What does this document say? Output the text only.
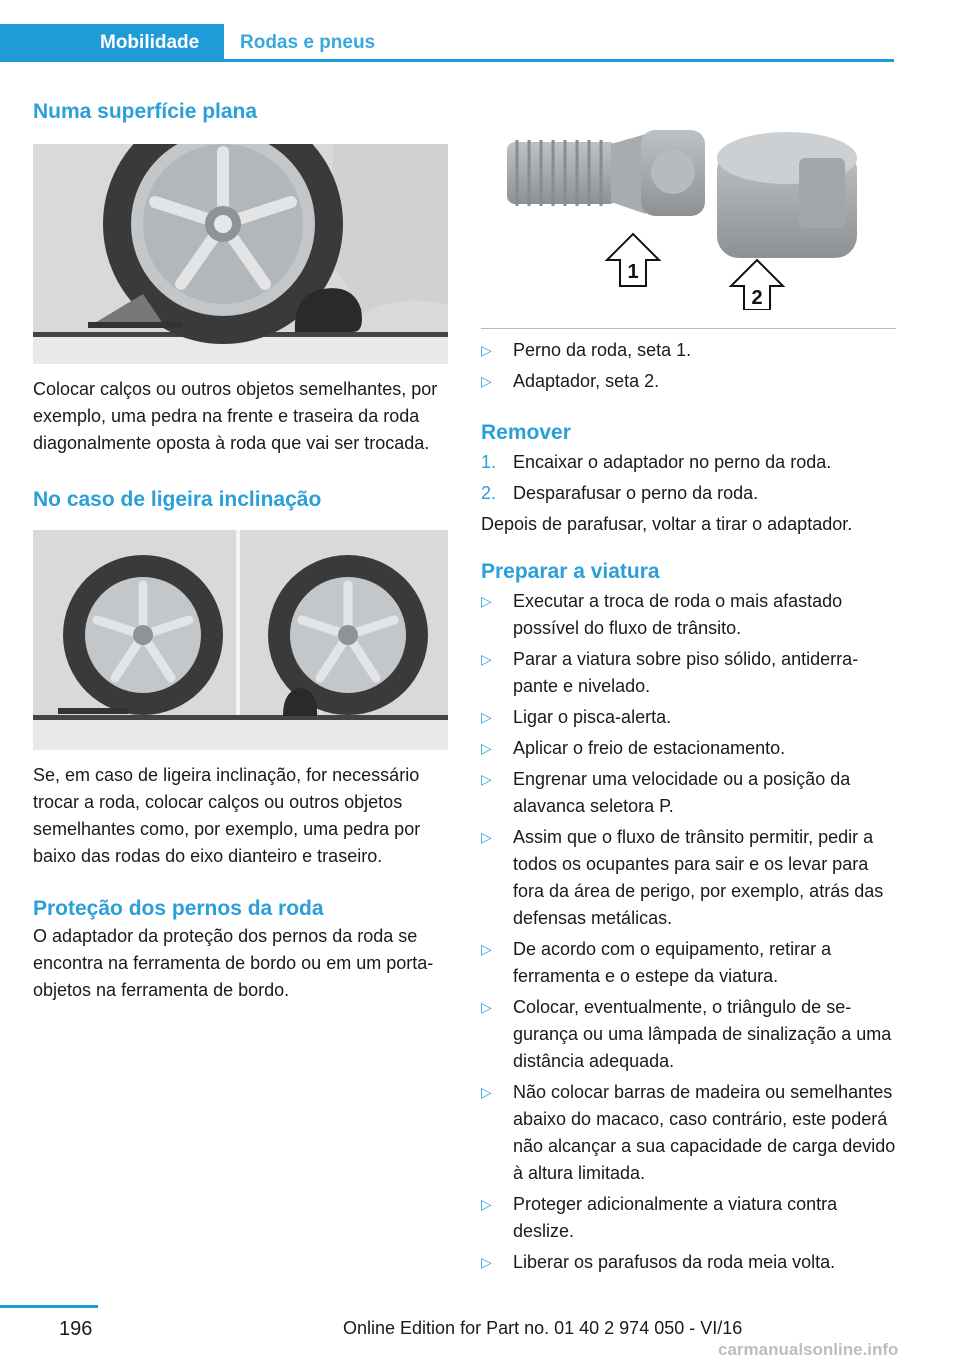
Mobilidade	Rodas e pneus
Numa superfície plana

Colocar calços ou outros objetos semelhantes, por exemplo, uma pedra na frente e traseira da roda diagonalmente oposta à roda que vai ser trocada.

No caso de ligeira inclinação

Se, em caso de ligeira inclinação, for necessário trocar a roda, colocar calços ou outros objetos semelhantes como, por exemplo, uma pedra por baixo das rodas do eixo dianteiro e traseiro.

Proteção dos pernos da roda

O adaptador da proteção dos pernos da roda se encontra na ferramenta de bordo ou em um porta-objetos na ferramenta de bordo.

1
2
▷ Perno da roda, seta 1.
▷ Adaptador, seta 2.
Remover
1. Encaixar o adaptador no perno da roda.
2. Desparafusar o perno da roda.

Depois de parafusar, voltar a tirar o adaptador.

Preparar a viatura
▷ Executar a troca de roda o mais afastado possível do fluxo de trânsito.
▷ Parar a viatura sobre piso sólido, antiderrapante e nivelado.
▷ Ligar o pisca-alerta.
▷ Aplicar o freio de estacionamento.
▷ Engrenar uma velocidade ou a posição da alavanca seletora P.
▷ Assim que o fluxo de trânsito permitir, pedir a todos os ocupantes para sair e os levar para fora da área de perigo, por exemplo, atrás das defensas metálicas.
▷ De acordo com o equipamento, retirar a ferramenta e o estepe da viatura.
▷ Colocar, eventualmente, o triângulo de segurança ou uma lâmpada de sinalização a uma distância adequada.
▷ Não colocar barras de madeira ou semelhantes abaixo do macaco, caso contrário, este poderá não alcançar a sua capacidade de carga devido à altura limitada.
▷ Proteger adicionalmente a viatura contra deslize.
▷ Liberar os parafusos da roda meia volta.
196	Online Edition for Part no. 01 40 2 974 050 - VI/16
carmanualsonline.info
